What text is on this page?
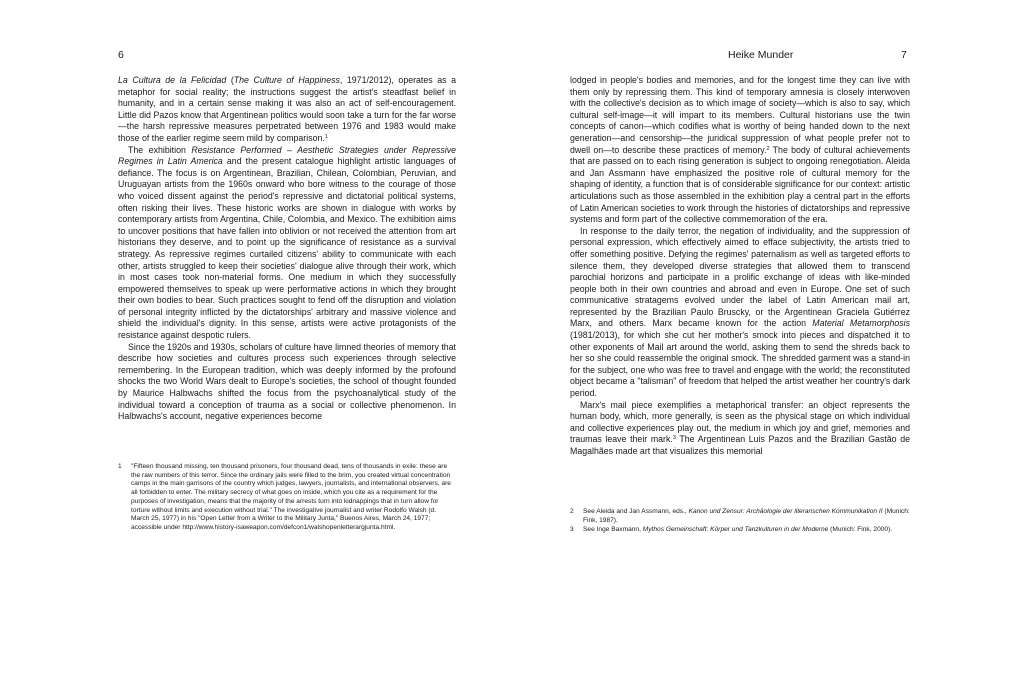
6	Heike Munder	7

La Cultura de la Felicidad (The Culture of Happiness, 1971/2012), operates as a metaphor for social reality; the instructions suggest the artist's steadfast belief in humanity, and in a certain sense making it was also an act of self-encouragement. Little did Pazos know that Argentinean politics would soon take a turn for the far worse—the harsh repressive measures perpetrated between 1976 and 1983 would make those of the earlier regime seem mild by comparison.$^1$

The exhibition Resistance Performed – Aesthetic Strategies under Repressive Regimes in Latin America and the present catalogue highlight artistic languages of defiance. The focus is on Argentinean, Brazilian, Chilean, Colombian, Peruvian, and Uruguayan artists from the 1960s onward who bore witness to the courage of those who voiced dissent against the period's repressive and dictatorial political systems, often risking their lives. These historic works are shown in dialogue with works by contemporary artists from Argentina, Chile, Colombia, and Mexico. The exhibition aims to uncover positions that have fallen into oblivion or not received the attention from art historians they deserve, and to point up the significance of resistance as a survival strategy. As repressive regimes curtailed citizens' ability to communicate with each other, artists struggled to keep their societies' dialogue alive through their work, which in most cases took non-material forms. One medium in which they successfully empowered themselves to speak up were performative actions in which they brought their own bodies to bear. Such practices sought to fend off the disruption and violation of personal integrity inflicted by the dictatorships' arbitrary and massive violence and shield the individual's dignity. In this sense, artists were active protagonists of the resistance against despotic rulers.

Since the 1920s and 1930s, scholars of culture have limned theories of memory that describe how societies and cultures process such experiences through selective remembering. In the European tradition, which was deeply informed by the profound shocks the two World Wars dealt to Europe's societies, the school of thought founded by Maurice Halbwachs shifted the focus from the psychoanalytical study of the individual toward a conception of trauma as a social or collective phenomenon. In Halbwachs's account, negative experiences become

1	"Fifteen thousand missing, ten thousand prisoners, four thousand dead, tens of thousands in exile: these are the raw numbers of this terror. Since the ordinary jails were filled to the brim, you created virtual concentration camps in the main garrisons of the country which judges, lawyers, journalists, and international observers, are all forbidden to enter. The military secrecy of what goes on inside, which you cite as a requirement for the purposes of investigation, means that the majority of the arrests turn into kidnappings that in turn allow for torture without limits and execution without trial." The investigative journalist and writer Rodolfo Walsh (d. March 25, 1977) in his "Open Letter from a Writer to the Military Junta," Buenos Aires, March 24, 1977; accessible under http://www.history-isaweapon.com/defcon1/walshopenletterargjunta.html.

lodged in people's bodies and memories, and for the longest time they can live with them only by repressing them. This kind of temporary amnesia is closely interwoven with the collective's decision as to which image of society—which is also to say, which cultural self-image—it will impart to its members. Cultural historians use the twin concepts of canon—which codifies what is worthy of being handed down to the next generation—and censorship—the juridical suppression of what people prefer not to dwell on—to describe these practices of memory.$^2$ The body of cultural achievements that are passed on to each rising generation is subject to ongoing renegotiation. Aleida and Jan Assmann have emphasized the positive role of cultural memory for the shaping of identity, a function that is of considerable significance for our context: artistic articulations such as those assembled in the exhibition play a central part in the efforts of Latin American societies to work through the histories of dictatorships and repressive systems and form part of the collective commemoration of the era.

In response to the daily terror, the negation of individuality, and the suppression of personal expression, which effectively aimed to efface subjectivity, the artists tried to offer something positive. Defying the regimes' paternalism as well as targeted efforts to silence them, they developed diverse strategies that allowed them to transcend parochial horizons and participate in a prolific exchange of ideas with like-minded people both in their own countries and abroad and even in Europe. One set of such communicative stratagems evolved under the label of Latin American mail art, represented by the Brazilian Paulo Bruscky, or the Argentinean Graciela Gutiérrez Marx, and others. Marx became known for the action Material Metamorphosis (1981/2013), for which she cut her mother's smock into pieces and dispatched it to other exponents of Mail art around the world, asking them to send the shreds back to her so she could reassemble the original smock. The shredded garment was a stand-in for the subject, one who was free to travel and engage with the world; the reconstituted object became a "talisman" of freedom that helped the artist weather her country's dark period.

Marx's mail piece exemplifies a metaphorical transfer: an object represents the human body, which, more generally, is seen as the physical stage on which individual and collective experiences play out, the medium in which joy and grief, memories and traumas leave their mark.$^3$ The Argentinean Luis Pazos and the Brazilian Gastão de Magalhães made art that visualizes this memorial

2	See Aleida and Jan Assmann, eds., Kanon und Zensur: Archäologie der literarischen Kommunikation II (Munich: Fink, 1987).
3	See Inge Baxmann, Mythos Gemeinschaft: Körper und Tanzkulturen in der Moderne (Munich: Fink, 2000).
